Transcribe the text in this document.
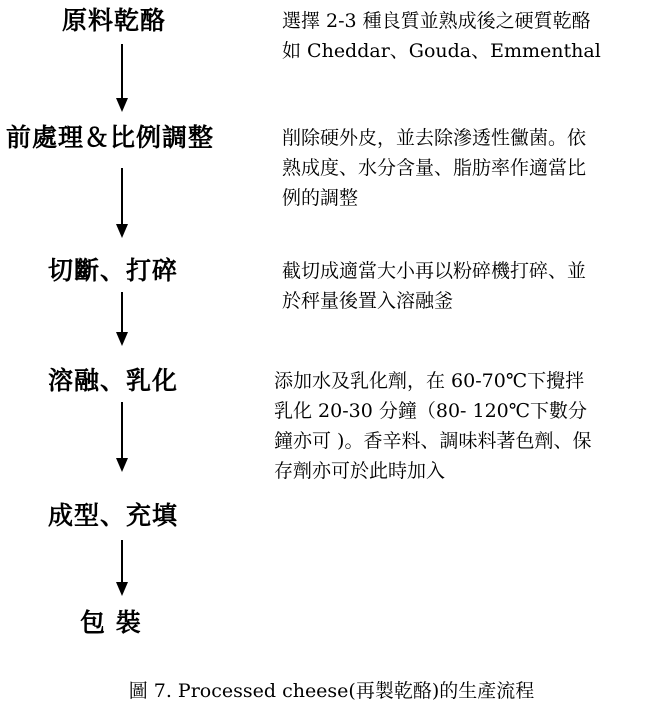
原料乾酪	選擇 2-3 種良質並熟成後之硬質乾酪
如 Cheddar、Gouda、Emmenthal
前處理＆比例調整	削除硬外皮，並去除滲透性黴菌。依
熟成度、水分含量、脂肪率作適當比
例的調整
切斷、打碎	截切成適當大小再以粉碎機打碎、並
於秤量後置入溶融釜
溶融、乳化	添加水及乳化劑，在 60-70℃下攪拌
乳化 20-30 分鐘（80- 120℃下數分
鐘亦可 )。香辛料、調味料著色劑、保
存劑亦可於此時加入
成型、充填
包 裝
圖 7. Processed cheese(再製乾酪)的生產流程
